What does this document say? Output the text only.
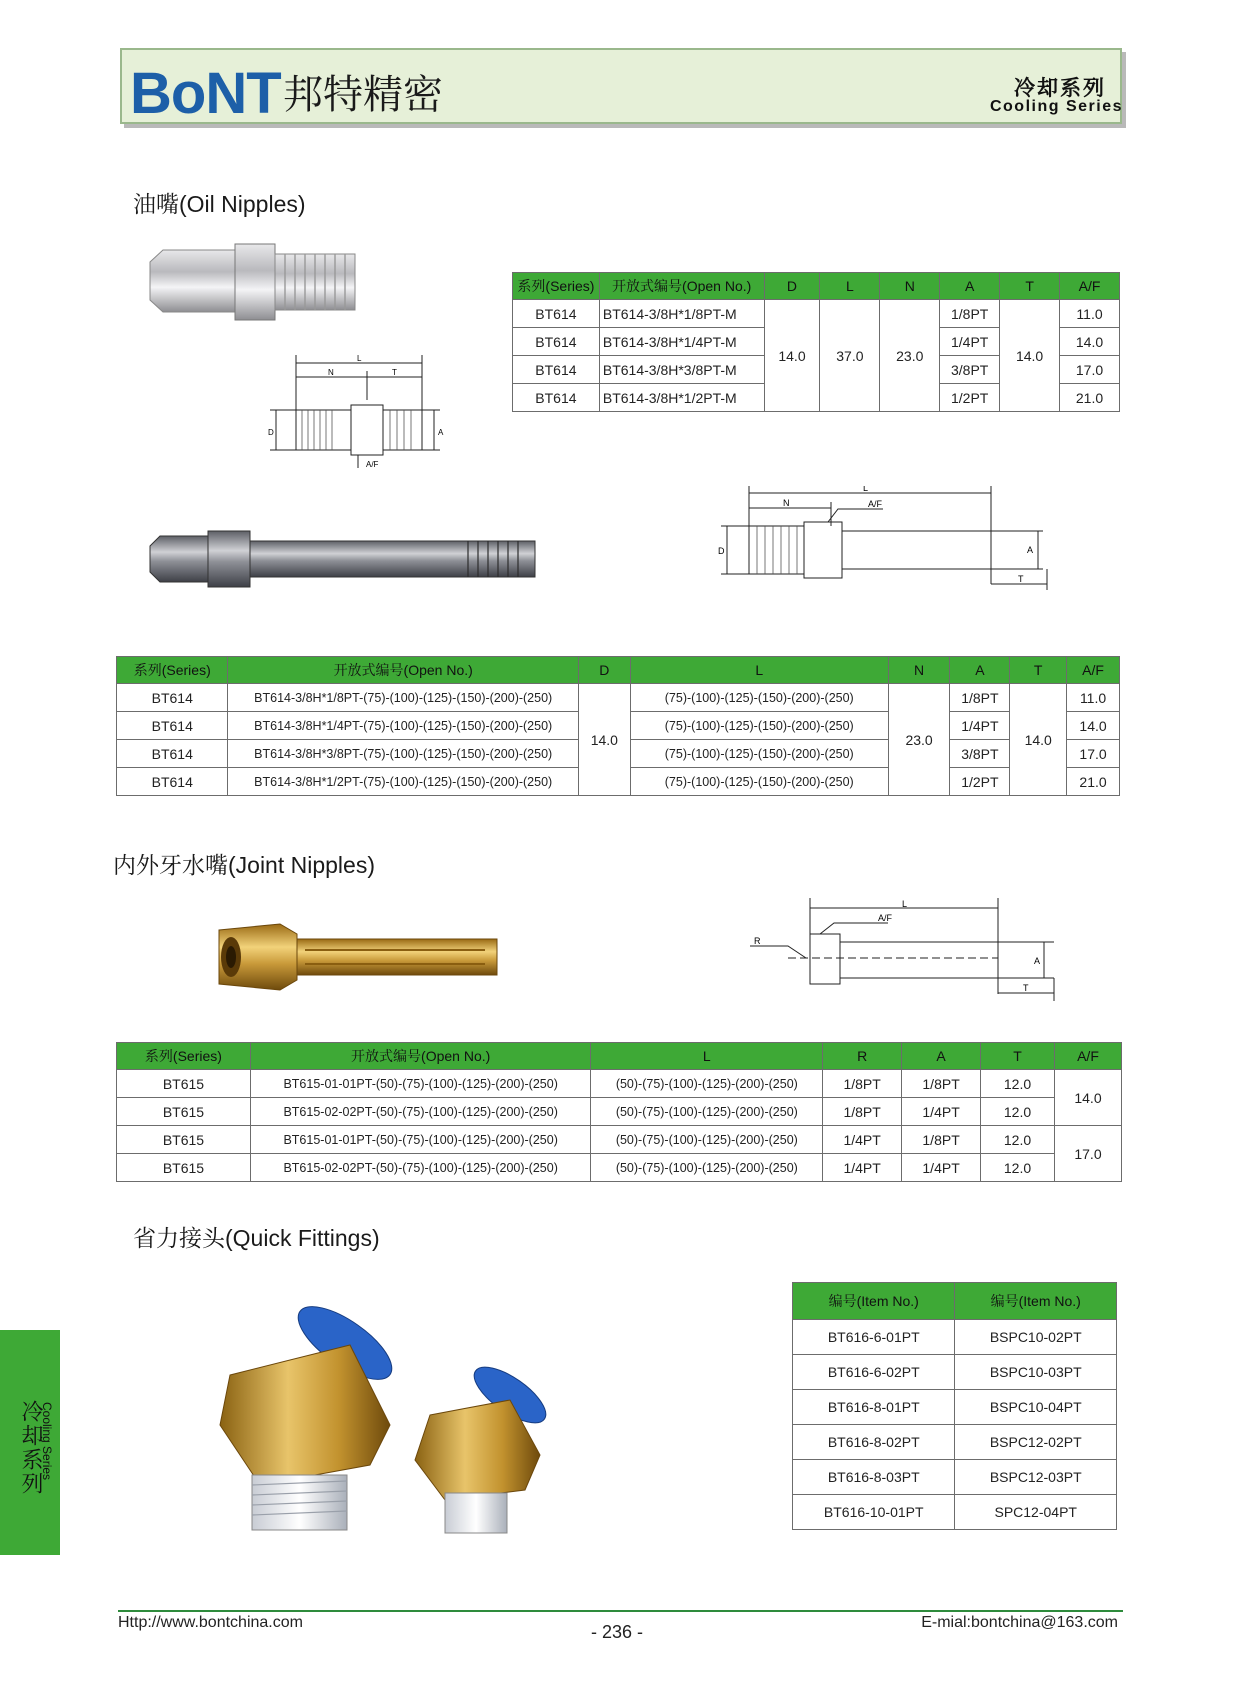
BoNT 邦特精密	冷却系列
Cooling Series
油嘴(Oil Nipples)
L
N	T
D	A
A/F
系列(Series)	开放式编号(Open No.)	D	L	N	A	T	A/F
BT614	BT614-3/8H*1/8PT-M	14.0	37.0	23.0	1/8PT	14.0	11.0
BT614	BT614-3/8H*1/4PT-M				1/4PT		14.0
BT614	BT614-3/8H*3/8PT-M				3/8PT		17.0
BT614	BT614-3/8H*1/2PT-M				1/2PT		21.0
L
N	A/F
D	A
T
系列(Series)	开放式编号(Open No.)	D	L	N	A	T	A/F
BT614	BT614-3/8H*1/8PT-(75)-(100)-(125)-(150)-(200)-(250)	14.0	(75)-(100)-(125)-(150)-(200)-(250)	23.0	1/8PT	14.0	11.0
BT614	BT614-3/8H*1/4PT-(75)-(100)-(125)-(150)-(200)-(250)		(75)-(100)-(125)-(150)-(200)-(250)		1/4PT		14.0
BT614	BT614-3/8H*3/8PT-(75)-(100)-(125)-(150)-(200)-(250)		(75)-(100)-(125)-(150)-(200)-(250)		3/8PT		17.0
BT614	BT614-3/8H*1/2PT-(75)-(100)-(125)-(150)-(200)-(250)		(75)-(100)-(125)-(150)-(200)-(250)		1/2PT		21.0
内外牙水嘴(Joint Nipples)
L
A/F
R
A
T
系列(Series)	开放式编号(Open No.)	L	R	A	T	A/F
BT615	BT615-01-01PT-(50)-(75)-(100)-(125)-(200)-(250)	(50)-(75)-(100)-(125)-(200)-(250)	1/8PT	1/8PT	12.0	14.0
BT615	BT615-02-02PT-(50)-(75)-(100)-(125)-(200)-(250)	(50)-(75)-(100)-(125)-(200)-(250)	1/8PT	1/4PT	12.0	
BT615	BT615-01-01PT-(50)-(75)-(100)-(125)-(200)-(250)	(50)-(75)-(100)-(125)-(200)-(250)	1/4PT	1/8PT	12.0	17.0
BT615	BT615-02-02PT-(50)-(75)-(100)-(125)-(200)-(250)	(50)-(75)-(100)-(125)-(200)-(250)	1/4PT	1/4PT	12.0	
省力接头(Quick Fittings)
编号(Item No.)	编号(Item No.)
BT616-6-01PT	BSPC10-02PT
BT616-6-02PT	BSPC10-03PT
BT616-8-01PT	BSPC10-04PT
BT616-8-02PT	BSPC12-02PT
BT616-8-03PT	BSPC12-03PT
BT616-10-01PT	SPC12-04PT
冷却系列
Cooling Series
Http://www.bontchina.com	- 236 -	E-mial:bontchina@163.com
